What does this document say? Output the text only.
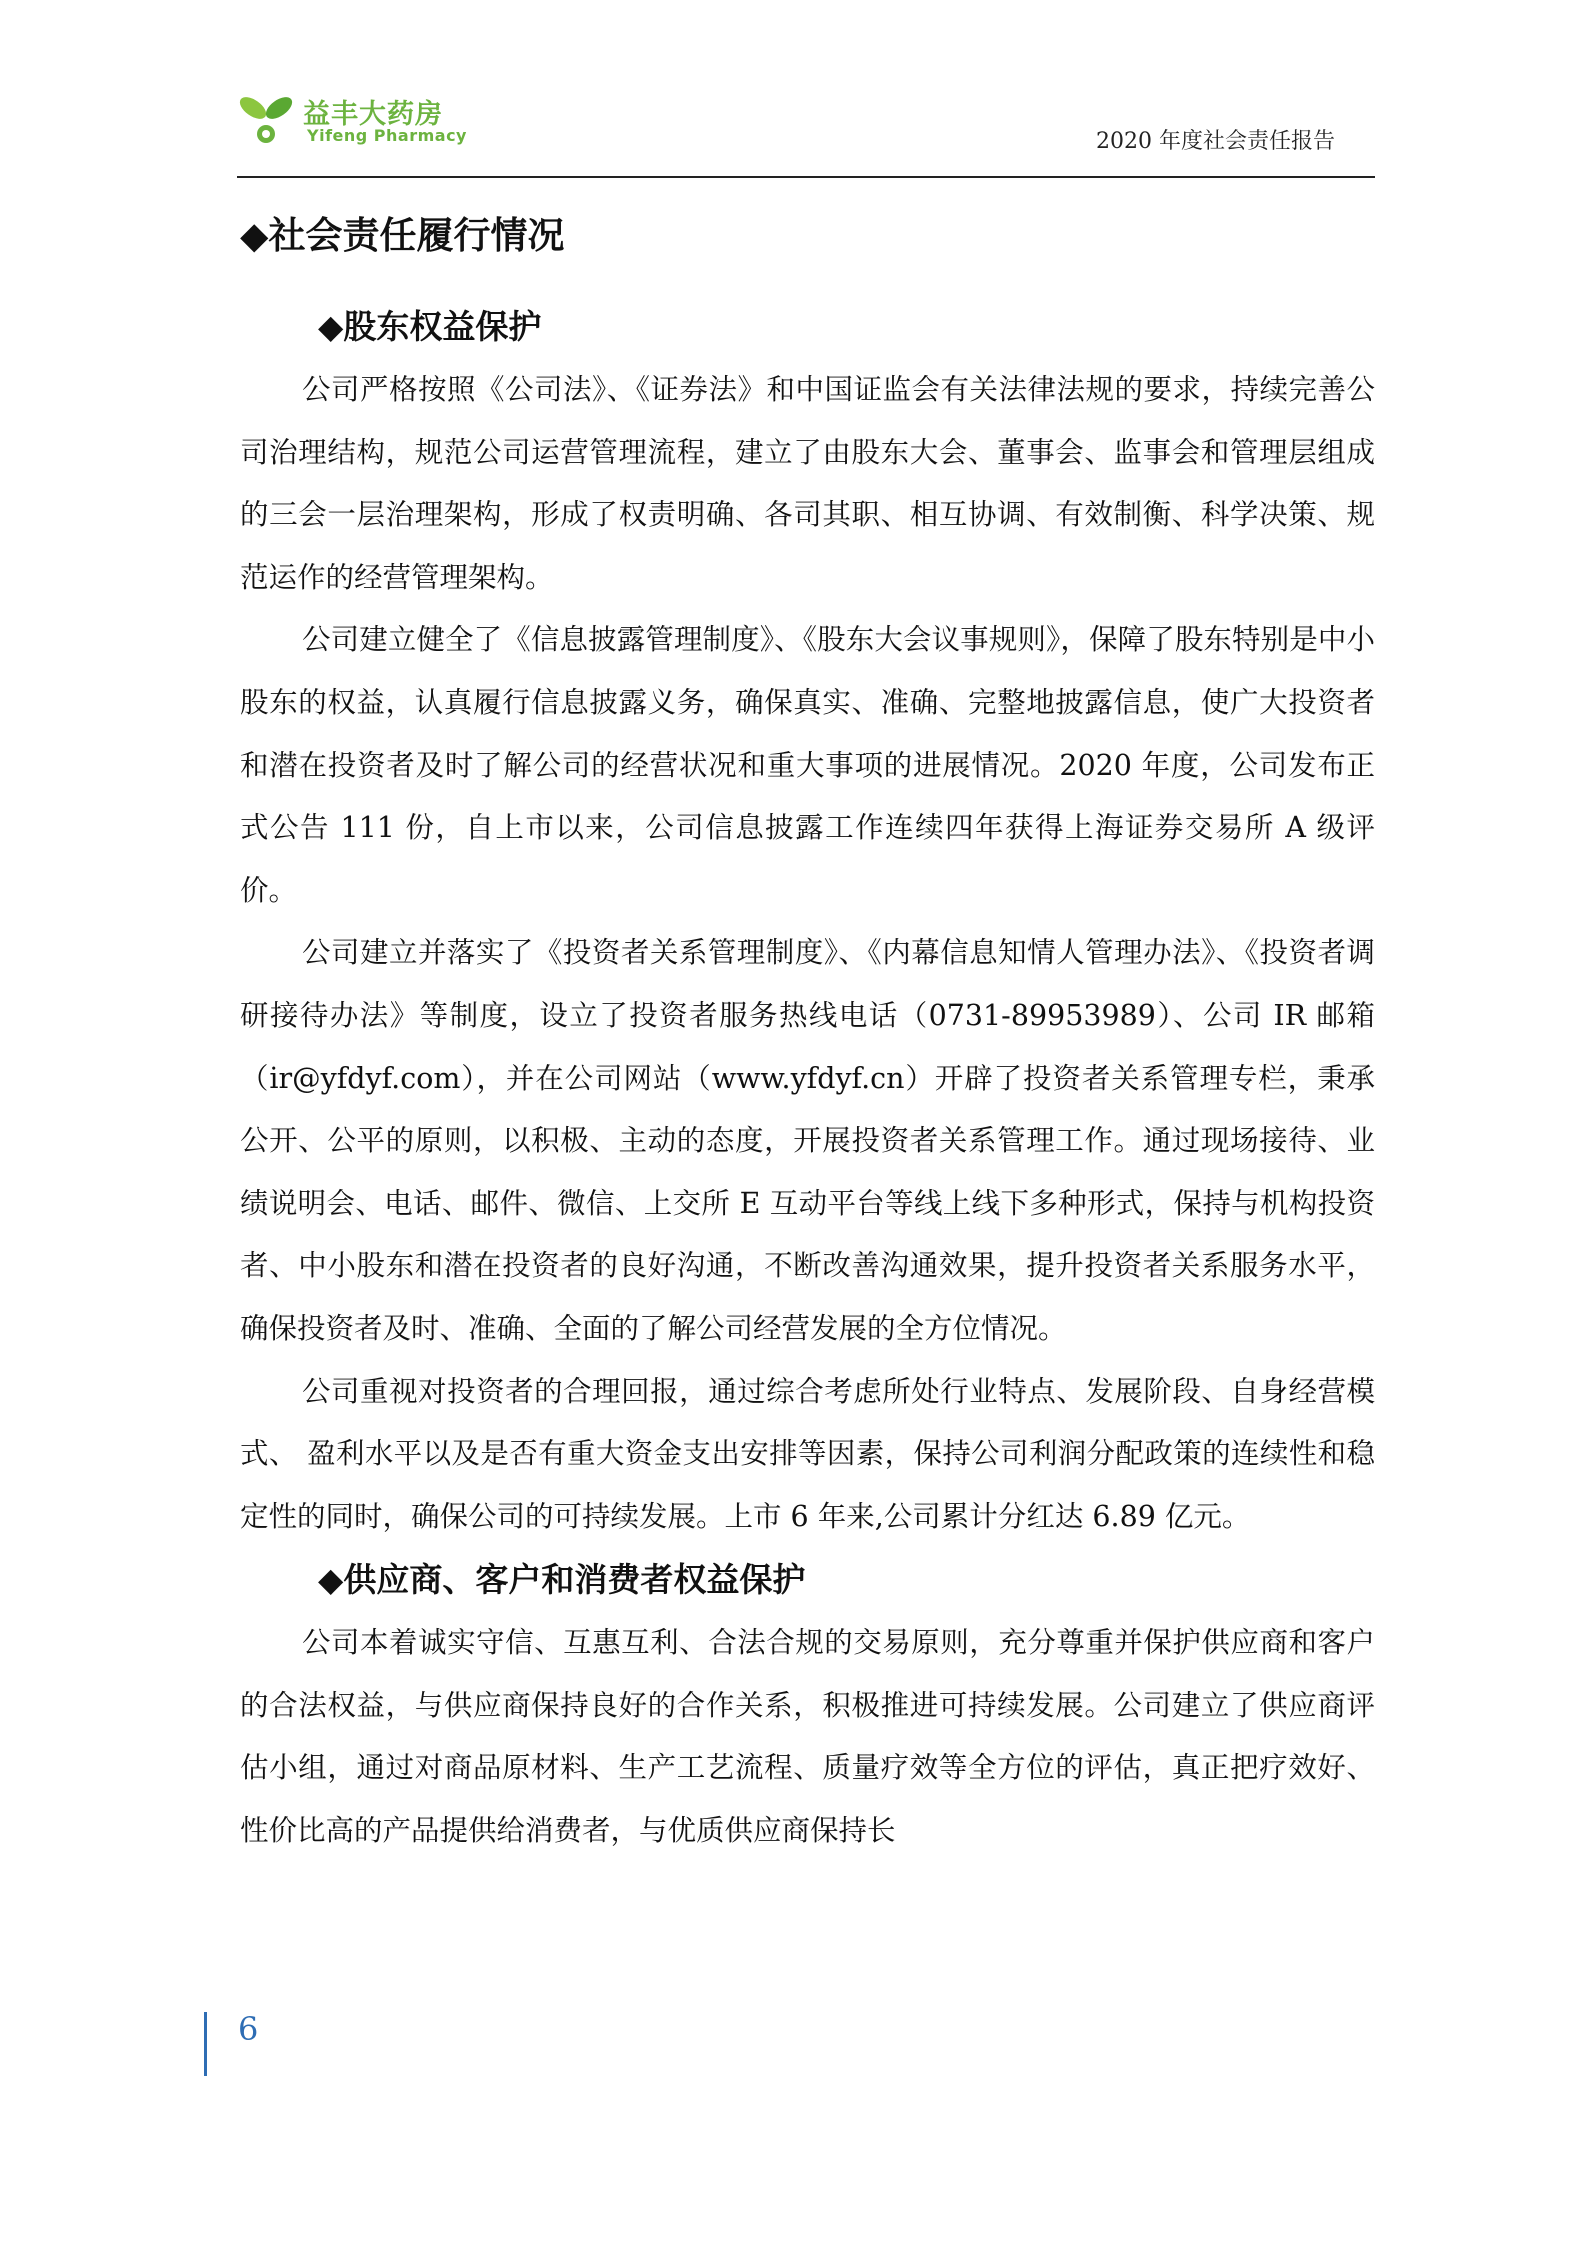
益丰大药房
Yifeng Pharmacy	2020 年度社会责任报告
◆社会责任履行情况
◆股东权益保护

公司严格按照《公司法》、《证券法》和中国证监会有关法律法规的要求，持续完善公司治理结构，规范公司运营管理流程，建立了由股东大会、董事会、监事会和管理层组成的三会一层治理架构，形成了权责明确、各司其职、相互协调、有效制衡、科学决策、规范运作的经营管理架构。

公司建立健全了《信息披露管理制度》、《股东大会议事规则》，保障了股东特别是中小股东的权益，认真履行信息披露义务，确保真实、准确、完整地披露信息，使广大投资者和潜在投资者及时了解公司的经营状况和重大事项的进展情况。2020 年度，公司发布正式公告 111 份，自上市以来，公司信息披露工作连续四年获得上海证券交易所 A 级评价。

公司建立并落实了《投资者关系管理制度》、《内幕信息知情人管理办法》、《投资者调研接待办法》等制度，设立了投资者服务热线电话（0731-89953989）、公司 IR 邮箱（ir@yfdyf.com），并在公司网站（www.yfdyf.cn）开辟了投资者关系管理专栏，秉承公开、公平的原则，以积极、主动的态度，开展投资者关系管理工作。通过现场接待、业绩说明会、电话、邮件、微信、上交所 E 互动平台等线上线下多种形式，保持与机构投资者、中小股东和潜在投资者的良好沟通，不断改善沟通效果，提升投资者关系服务水平，确保投资者及时、准确、全面的了解公司经营发展的全方位情况。

公司重视对投资者的合理回报，通过综合考虑所处行业特点、发展阶段、自身经营模式、 盈利水平以及是否有重大资金支出安排等因素，保持公司利润分配政策的连续性和稳定性的同时，确保公司的可持续发展。上市 6 年来,公司累计分红达 6.89 亿元。

◆供应商、客户和消费者权益保护

公司本着诚实守信、互惠互利、合法合规的交易原则，充分尊重并保护供应商和客户的合法权益，与供应商保持良好的合作关系，积极推进可持续发展。公司建立了供应商评估小组，通过对商品原材料、生产工艺流程、质量疗效等全方位的评估，真正把疗效好、性价比高的产品提供给消费者，与优质供应商保持长

6
